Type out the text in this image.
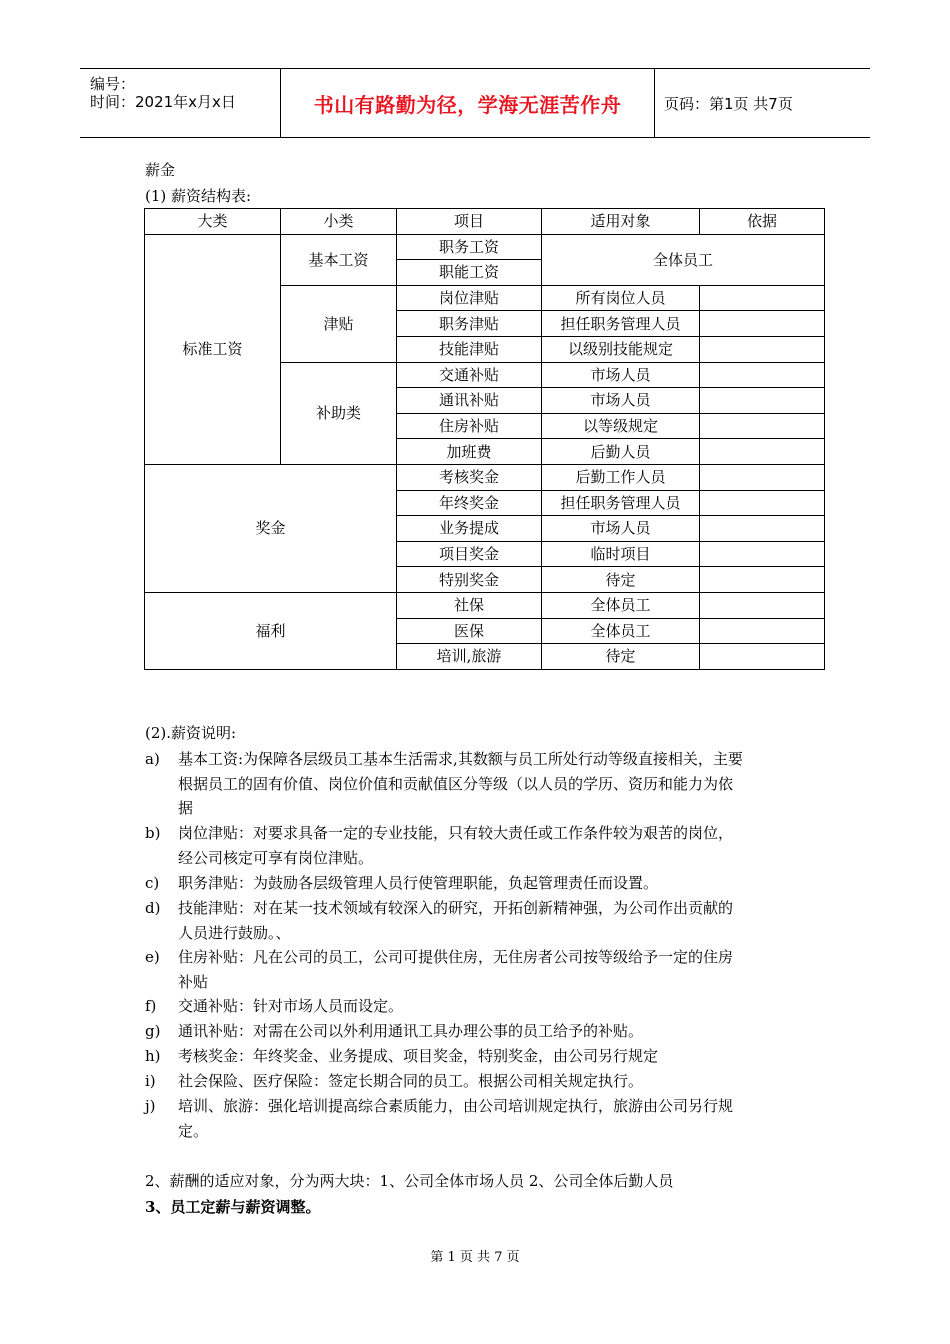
编号：
时间：2021年x月x日	书山有路勤为径，学海无涯苦作舟	页码：第1页 共7页
薪金
(1) 薪资结构表:
大类	小类	项目	适用对象	依据
标准工资	基本工资	职务工资	全体员工	
		职能工资		
	津贴	岗位津贴	所有岗位人员	
		职务津贴	担任职务管理人员	
		技能津贴	以级别技能规定	
	补助类	交通补贴	市场人员	
		通讯补贴	市场人员	
		住房补贴	以等级规定	
		加班费	后勤人员	
奖金		考核奖金	后勤工作人员	
		年终奖金	担任职务管理人员	
		业务提成	市场人员	
		项目奖金	临时项目	
		特别奖金	待定	
福利		社保	全体员工	
		医保	全体员工	
		培训,旅游	待定	
(2).薪资说明:
a)	基本工资:为保障各层级员工基本生活需求,其数额与员工所处行动等级直接相关，主要
根据员工的固有价值、岗位价值和贡献值区分等级（以人员的学历、资历和能力为依
据
b)	岗位津贴：对要求具备一定的专业技能，只有较大责任或工作条件较为艰苦的岗位，
经公司核定可享有岗位津贴。
c)	职务津贴：为鼓励各层级管理人员行使管理职能，负起管理责任而设置。
d)	技能津贴：对在某一技术领域有较深入的研究，开拓创新精神强，为公司作出贡献的
人员进行鼓励。、
e)	住房补贴：凡在公司的员工，公司可提供住房，无住房者公司按等级给予一定的住房
补贴
f)	交通补贴：针对市场人员而设定。
g)	通讯补贴：对需在公司以外利用通讯工具办理公事的员工给予的补贴。
h)	考核奖金：年终奖金、业务提成、项目奖金，特别奖金，由公司另行规定
i)	社会保险、医疗保险：签定长期合同的员工。根据公司相关规定执行。
j)	培训、旅游：强化培训提高综合素质能力，由公司培训规定执行，旅游由公司另行规
定。
2、薪酬的适应对象，分为两大块：1、公司全体市场人员 2、公司全体后勤人员
3、员工定薪与薪资调整。
第 1 页 共 7 页
